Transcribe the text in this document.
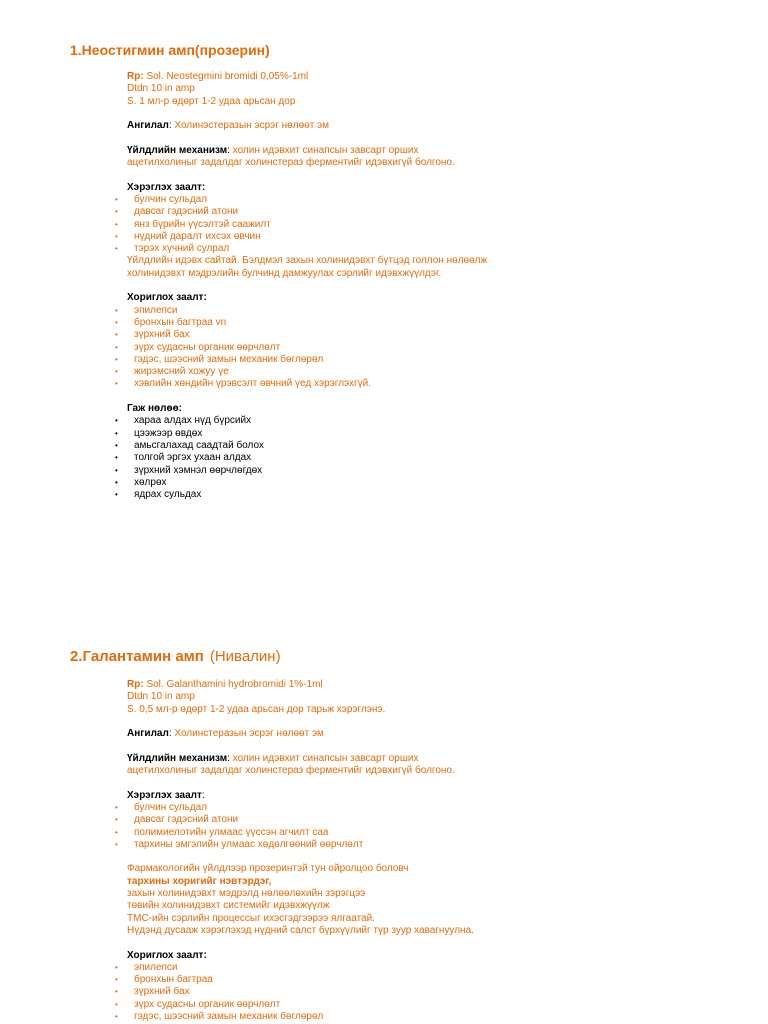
1.Неостигмин амп(прозерин)
Rp: Sol. Neostegmini bromidi 0,05%-1ml
Dtdn 10 in amp
S. 1 мл-р өдөрт 1-2 удаа арьсан дор
Ангилал: Холинэстеразын эсрэг нөлөөт эм
Үйлдлийн механизм: холин идэвхит синапсын завсарт орших
ацетилхолиныг задалдаг холинстераз ферментийг идэвхигүй болгоно.
Хэрэглэх заалт:
• булчин сульдал
• давсаг гэдэсний атони
• янз бүрийн үүсэлтэй саажилт
• нүдний даралт ихсэх өвчин
• тэрэх хүчний сулрал
Үйлдлийн идэвх сайтай. Бэлдмэл захын холинидэвхт бүтцэд голлон нөлөөлж
холинидэвхт мэдрэлийн булчинд дамжуулах сэрлийг идэвхжүүлдэг.
Хориглох заалт:
• эпилепси
• бронхын багтраа vn
• зүрхний бах
• зүрх судасны органик өөрчлөлт
• гэдэс, шээсний замын механик бөглөрөл
• жирэмсний хожуу үе
• хэвлийн хөндийн үрэвсэлт өвчний үед хэрэглэхгүй.
Гаж нөлөө:
• хараа алдах нүд бүрсийх
• цээжээр өвдөх
• амьсгалахад саадтай болох
• толгой эргэх ухаан алдах
• зүрхний хэмнэл өөрчлөгдөх
• хөлрөх
• ядрах сульдах
2.Галантамин амп (Нивалин)
Rp: Sol. Galanthamini hydrobromidi 1%-1ml
Dtdn 10 in amp
S. 0,5 мл-р өдөрт 1-2 удаа арьсан дор тарьж хэрэглэнэ.
Ангилал: Холинстеразын эсрэг нөлөөт эм
Үйлдлийн механизм: холин идэвхит синапсын завсарт орших
ацетилхолиныг задалдаг холинстераз ферментийг идэвхигүй болгоно.
Хэрэглэх заалт:
• булчин сульдал
• давсаг гэдэсний атони
• полимиелотийн улмаас үүссэн агчилт саа
• тархины эмгэлийн улмаас хөдөлгөөний өөрчлөлт
Фармакологийн үйлдлээр прозеринтэй тун ойролцоо боловч
тархины хоригийг нэвтэрдэг,
захын холинидэвхт мэдрэлд нөлөөлөхийн зэрэгцээ
төвийн холинидэвхт системийг идэвхжүүлж
ТМС-ийн сэрлийн процессыг ихэсгэдгээрээ ялгаатай.
Нүдэнд дусааж хэрэглэхэд нүдний салст бүрхүүлийг түр зуур хавагнуулна.
Хориглох заалт:
• эпилепси
• бронхын багтраа
• зүрхний бах
• зүрх судасны органик өөрчлөлт
• гэдэс, шээсний замын механик бөглөрөл
